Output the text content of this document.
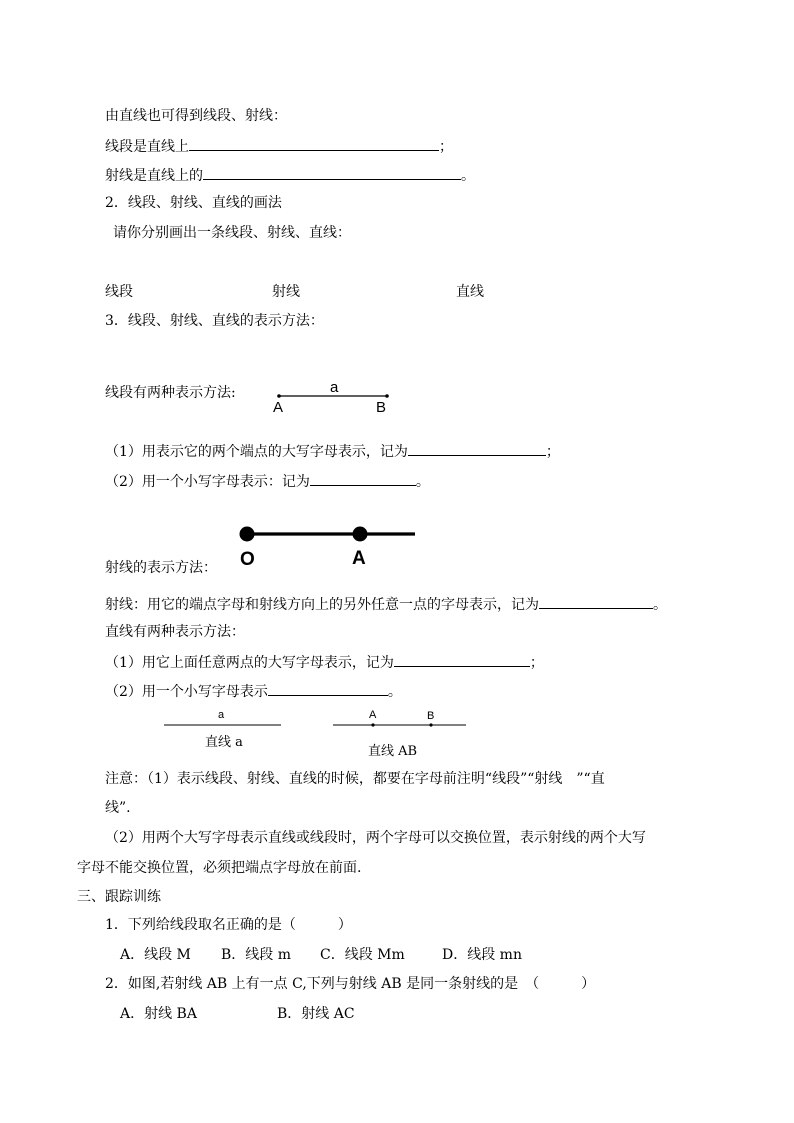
由直线也可得到线段、射线：
线段是直线上	；
射线是直线上的	。
2．线段、射线、直线的画法
请你分别画出一条线段、射线、直线：
线段	射线	直线
3．线段、射线、直线的表示方法：
线段有两种表示方法:	a
A	B
（1）用表示它的两个端点的大写字母表示，记为	；
（2）用一个小写字母表示：记为	。
O	A
射线的表示方法：
射线：用它的端点字母和射线方向上的另外任意一点的字母表示，记为	。
直线有两种表示方法：
（1）用它上面任意两点的大写字母表示，记为	；
（2）用一个小写字母表示	。
a
直线 a
A	B
直线 AB
注意：（1）表示线段、射线、直线的时候，都要在字母前注明“线段”“射线　”“直
线”.
（2）用两个大写字母表示直线或线段时，两个字母可以交换位置，表示射线的两个大写
字母不能交换位置，必须把端点字母放在前面.
三、跟踪训练
1．下列给线段取名正确的是（　　　）
A．线段 M B．线段 m C．线段 Mm	D．线段 mn
2．如图,若射线 AB 上有一点 C,下列与射线 AB 是同一条射线的是　（　　　）
A．射线 BA	B．射线 AC
